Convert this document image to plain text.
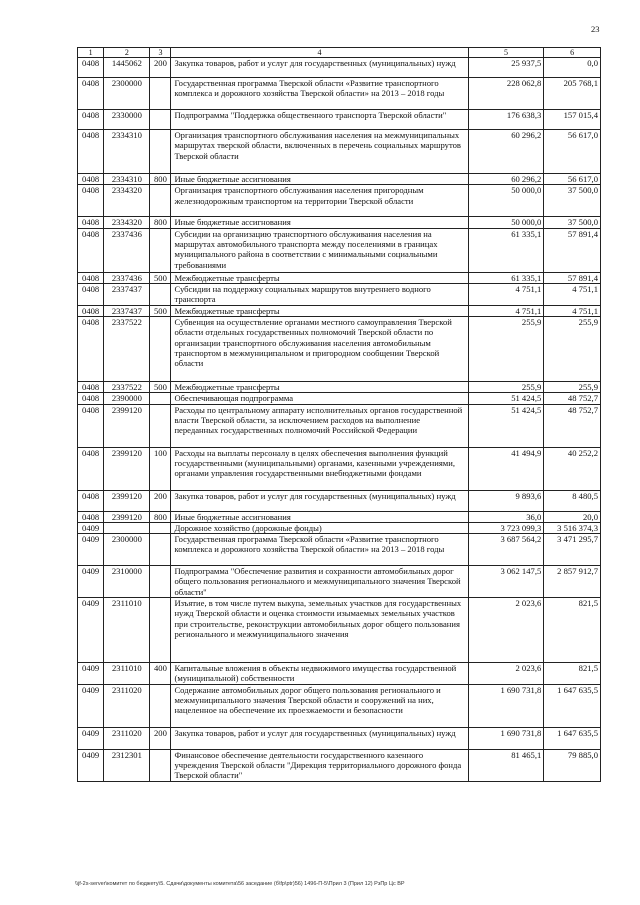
23
1	2	3	4	5	6
0408	1445062	200	Закупка товаров, работ и услуг для государственных (муниципальных) нужд	25 937,5	0,0
0408	2300000		Государственная программа Тверской области «Развитие транспортного комплекса и дорожного хозяйства Тверской области» на 2013 – 2018 годы	228 062,8	205 768,1
0408	2330000		Подпрограмма "Поддержка общественного транспорта Тверской области"	176 638,3	157 015,4
0408	2334310		Организация транспортного обслуживания населения на межмуниципальных маршрутах тверской области, включенных в перечень социальных маршрутов Тверской области	60 296,2	56 617,0
0408	2334310	800	Иные бюджетные ассигнования	60 296,2	56 617,0
0408	2334320		Организация транспортного обслуживания населения пригородным железнодорожным транспортом на территории Тверской области	50 000,0	37 500,0
0408	2334320	800	Иные бюджетные ассигнования	50 000,0	37 500,0
0408	2337436		Субсидии на организацию транспортного обслуживания населения на маршрутах автомобильного транспорта между поселениями в границах муниципального района в соответствии с минимальными социальными требованиями	61 335,1	57 891,4
0408	2337436	500	Межбюджетные трансферты	61 335,1	57 891,4
0408	2337437		Субсидии на поддержку социальных маршрутов внутреннего водного транспорта	4 751,1	4 751,1
0408	2337437	500	Межбюджетные трансферты	4 751,1	4 751,1
0408	2337522		Субвенция на осуществление органами местного самоуправления Тверской области отдельных государственных полномочий Тверской области по организации транспортного обслуживания населения автомобильным транспортом в межмуниципальном и пригородном сообщении Тверской области	255,9	255,9
0408	2337522	500	Межбюджетные трансферты	255,9	255,9
0408	2390000		Обеспечивающая подпрограмма	51 424,5	48 752,7
0408	2399120		Расходы по центральному аппарату исполнительных органов государственной власти Тверской области, за исключением расходов на выполнение переданных государственных полномочий Российской Федерации	51 424,5	48 752,7
0408	2399120	100	Расходы на выплаты персоналу в целях обеспечения выполнения функций государственными (муниципальными) органами, казенными учреждениями, органами управления государственными внебюджетными фондами	41 494,9	40 252,2
0408	2399120	200	Закупка товаров, работ и услуг для государственных (муниципальных) нужд	9 893,6	8 480,5
0408	2399120	800	Иные бюджетные ассигнования	36,0	20,0
0409			Дорожное хозяйство (дорожные фонды)	3 723 099,3	3 516 374,3
0409	2300000		Государственная программа Тверской области «Развитие транспортного комплекса и дорожного хозяйства Тверской области» на 2013 – 2018 годы	3 687 564,2	3 471 295,7
0409	2310000		Подпрограмма "Обеспечение развития и сохранности автомобильных дорог общего пользования регионального и межмуниципального значения Тверской области"	3 062 147,5	2 857 912,7
0409	2311010		Изъятие, в том числе путем выкупа, земельных участков для государственных нужд Тверской области и оценка стоимости изымаемых земельных участков при строительстве, реконструкции автомобильных дорог общего пользования регионального и межмуниципального значения	2 023,6	821,5
0409	2311010	400	Капитальные вложения в объекты недвижимого имущества государственной (муниципальной) собственности	2 023,6	821,5
0409	2311020		Содержание автомобильных дорог общего пользования регионального и межмуниципального значения Тверской области и сооружений на них, нацеленное на обеспечение их проезжаемости и безопасности	1 690 731,8	1 647 635,5
0409	2311020	200	Закупка товаров, работ и услуг для государственных (муниципальных) нужд	1 690 731,8	1 647 635,5
0409	2312301		Финансовое обеспечение деятельности государственного казенного учреждения Тверской области "Дирекция территориального дорожного фонда Тверской области"	81 465,1	79 885,0
\\jf-2s-server\комитет по бюджету\5. Сдачи\документы комитета\56 заседание (б\fp\ptr)56) 1496-П-5\Прил 3 (Прил 12) РзПр Цс ВР
